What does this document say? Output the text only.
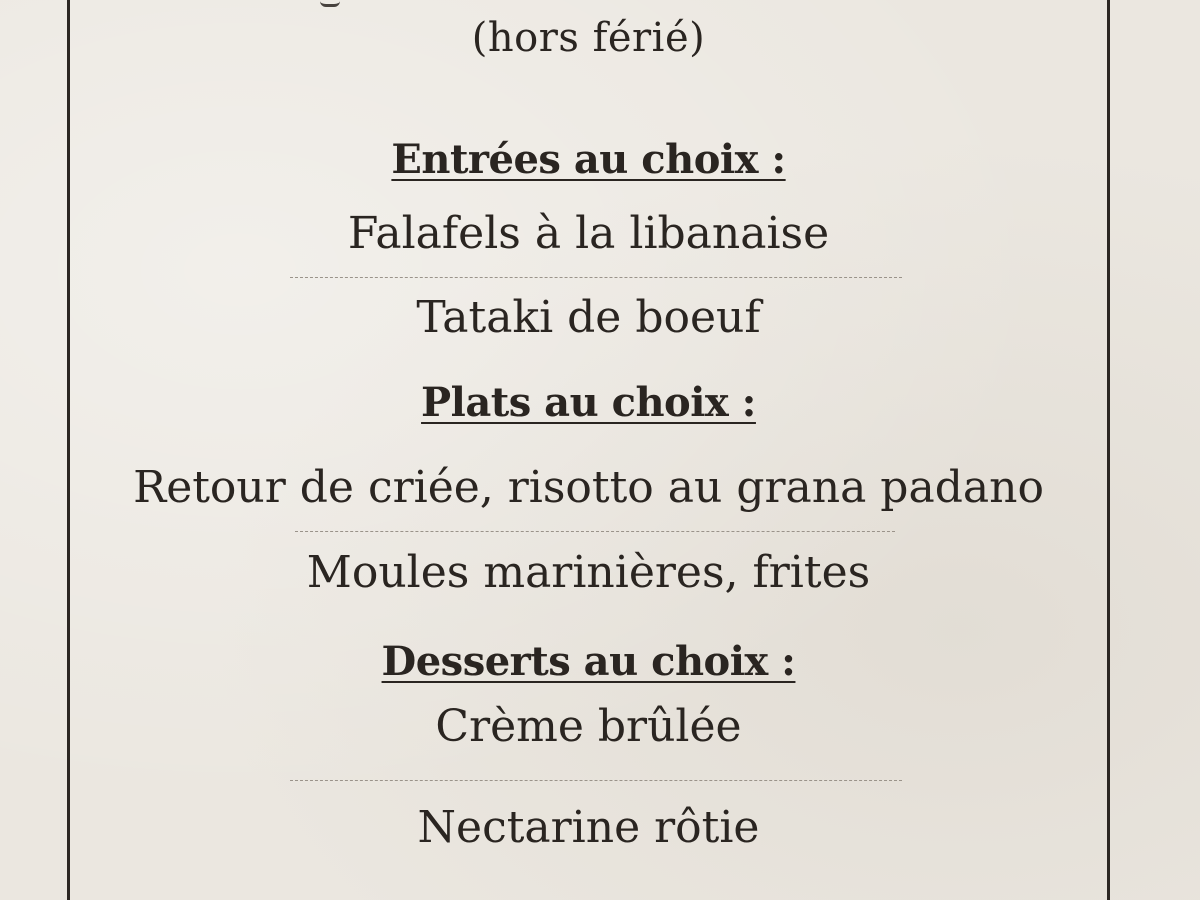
(hors férié)
Entrées au choix :
Falafels à la libanaise
Tataki de boeuf
Plats au choix :
Retour de criée, risotto au grana padano
Moules marinières, frites
Desserts au choix :
Crème brûlée
Nectarine rôtie
